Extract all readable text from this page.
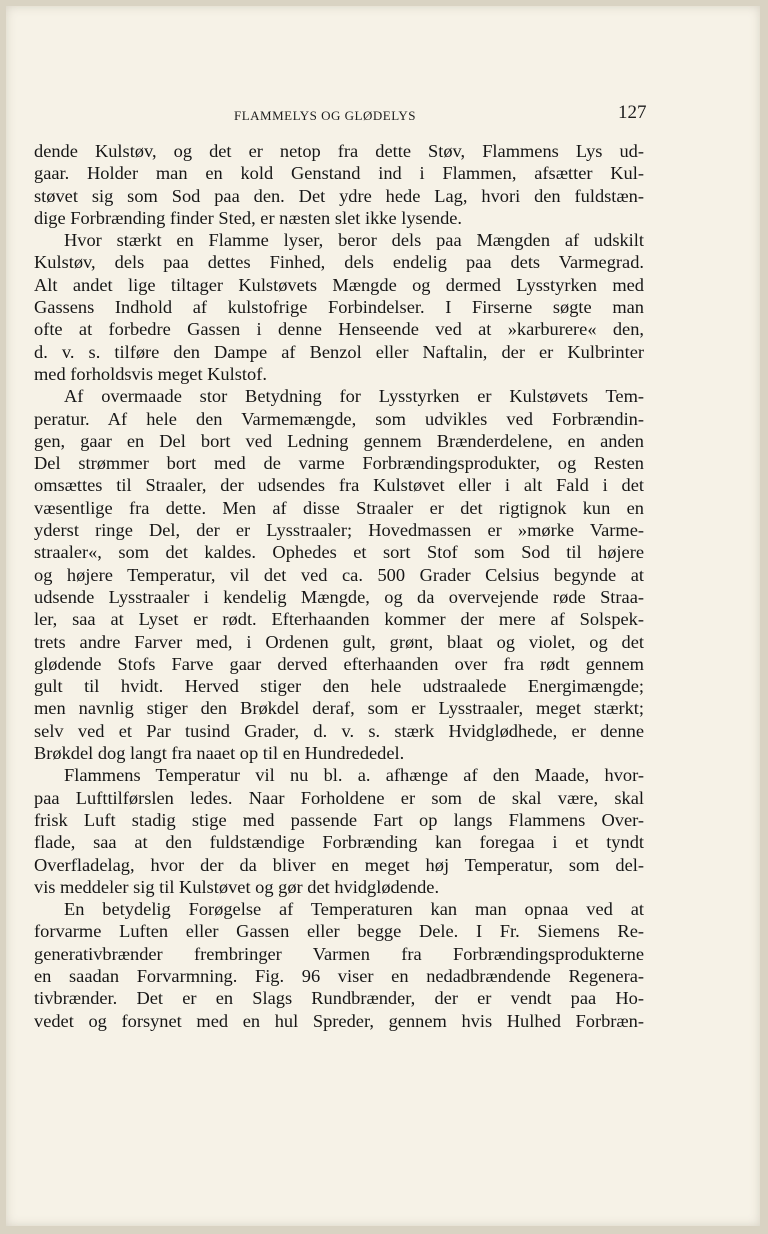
FLAMMELYS OG GLØDELYS	127
dende Kulstøv, og det er netop fra dette Støv, Flammens Lys ud-
gaar. Holder man en kold Genstand ind i Flammen, afsætter Kul-
støvet sig som Sod paa den. Det ydre hede Lag, hvori den fuldstæn-
dige Forbrænding finder Sted, er næsten slet ikke lysende.
Hvor stærkt en Flamme lyser, beror dels paa Mængden af udskilt
Kulstøv, dels paa dettes Finhed, dels endelig paa dets Varmegrad.
Alt andet lige tiltager Kulstøvets Mængde og dermed Lysstyrken med
Gassens Indhold af kulstofrige Forbindelser. I Firserne søgte man
ofte at forbedre Gassen i denne Henseende ved at »karburere« den,
d. v. s. tilføre den Dampe af Benzol eller Naftalin, der er Kulbrinter
med forholdsvis meget Kulstof.
Af overmaade stor Betydning for Lysstyrken er Kulstøvets Tem-
peratur. Af hele den Varmemængde, som udvikles ved Forbrændin-
gen, gaar en Del bort ved Ledning gennem Brænderdelene, en anden
Del strømmer bort med de varme Forbrændingsprodukter, og Resten
omsættes til Straaler, der udsendes fra Kulstøvet eller i alt Fald i det
væsentlige fra dette. Men af disse Straaler er det rigtignok kun en
yderst ringe Del, der er Lysstraaler; Hovedmassen er »mørke Varme-
straaler«, som det kaldes. Ophedes et sort Stof som Sod til højere
og højere Temperatur, vil det ved ca. 500 Grader Celsius begynde at
udsende Lysstraaler i kendelig Mængde, og da overvejende røde Straa-
ler, saa at Lyset er rødt. Efterhaanden kommer der mere af Solspek-
trets andre Farver med, i Ordenen gult, grønt, blaat og violet, og det
glødende Stofs Farve gaar derved efterhaanden over fra rødt gennem
gult til hvidt. Herved stiger den hele udstraalede Energimængde;
men navnlig stiger den Brøkdel deraf, som er Lysstraaler, meget stærkt;
selv ved et Par tusind Grader, d. v. s. stærk Hvidglødhede, er denne
Brøkdel dog langt fra naaet op til en Hundrededel.
Flammens Temperatur vil nu bl. a. afhænge af den Maade, hvor-
paa Lufttilførslen ledes. Naar Forholdene er som de skal være, skal
frisk Luft stadig stige med passende Fart op langs Flammens Over-
flade, saa at den fuldstændige Forbrænding kan foregaa i et tyndt
Overfladelag, hvor der da bliver en meget høj Temperatur, som del-
vis meddeler sig til Kulstøvet og gør det hvidglødende.
En betydelig Forøgelse af Temperaturen kan man opnaa ved at
forvarme Luften eller Gassen eller begge Dele. I Fr. Siemens Re-
generativbrænder frembringer Varmen fra Forbrændingsprodukterne
en saadan Forvarmning. Fig. 96 viser en nedadbrændende Regenera-
tivbrænder. Det er en Slags Rundbrænder, der er vendt paa Ho-
vedet og forsynet med en hul Spreder, gennem hvis Hulhed Forbræn-
